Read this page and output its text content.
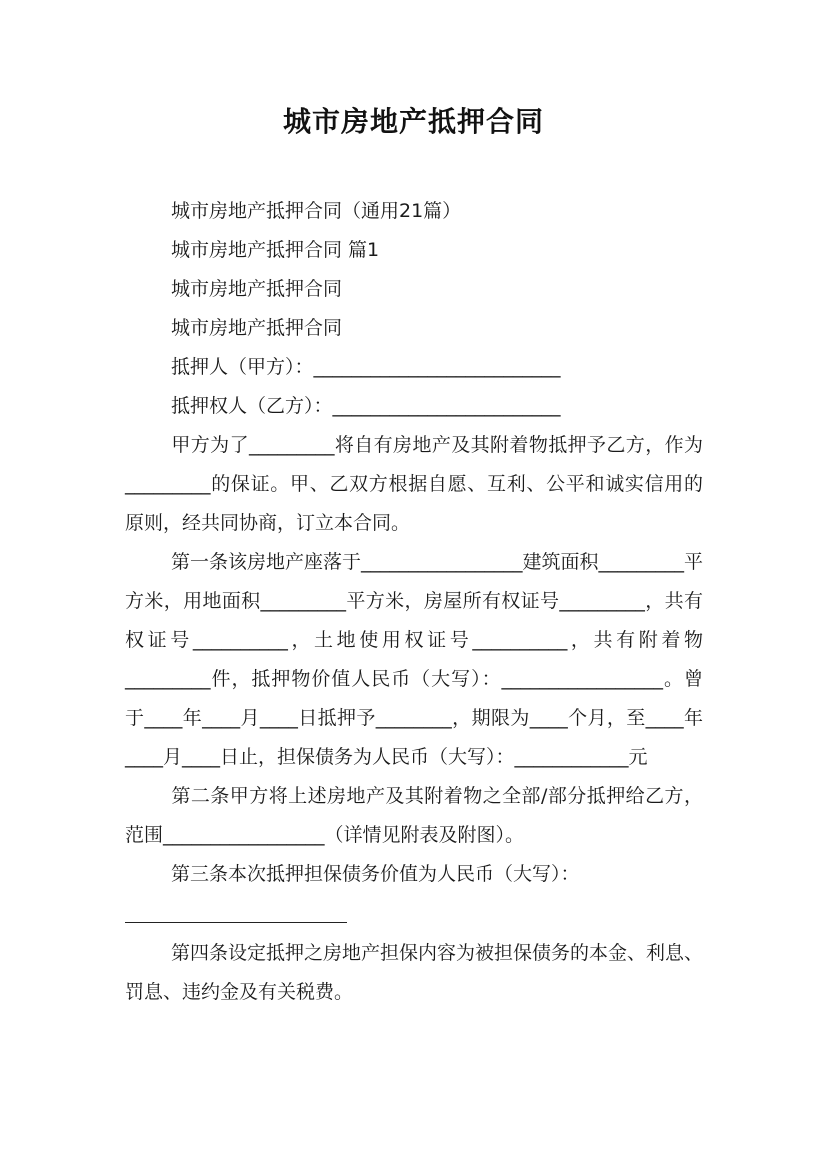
城市房地产抵押合同
城市房地产抵押合同（通用21篇）
城市房地产抵押合同 篇1
城市房地产抵押合同
城市房地产抵押合同
抵押人（甲方）：__________________________
抵押权人（乙方）：________________________

甲方为了_________将自有房地产及其附着物抵押予乙方，作为_________的保证。甲、乙双方根据自愿、互利、公平和诚实信用的原则，经共同协商，订立本合同。

第一条该房地产座落于_________________建筑面积_________平方米，用地面积_________平方米，房屋所有权证号_________，共有权证号__________，土地使用权证号__________，共有附着物_________件，抵押物价值人民币（大写）：_________________。曾于____年____月____日抵押予________，期限为____个月，至____年____月____日止，担保债务为人民币（大写）：____________元

第二条甲方将上述房地产及其附着物之全部/部分抵押给乙方，范围_________________（详情见附表及附图）。

第三条本次抵押担保债务价值为人民币（大写）：

第四条设定抵押之房地产担保内容为被担保债务的本金、利息、罚息、违约金及有关税费。
